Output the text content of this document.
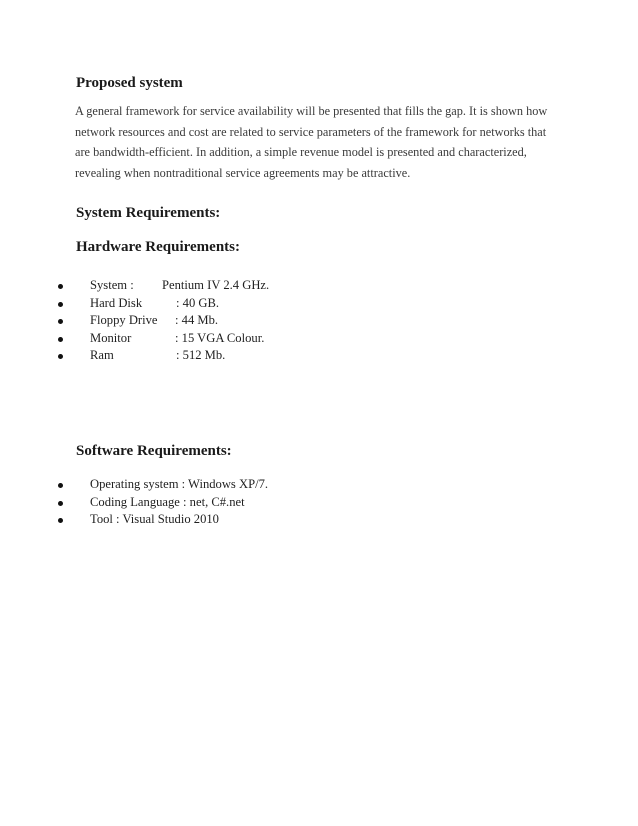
Proposed system

A general framework for service availability will be presented that fills the gap. It is shown how
network resources and cost are related to service parameters of the framework for networks that
are bandwidth-efficient. In addition, a simple revenue model is presented and characterized,
revealing when nontraditional service agreements may be attractive.

System Requirements:
Hardware Requirements:
System : Pentium IV 2.4 GHz.
Hard Disk	: 40 GB.
Floppy Drive : 44 Mb.
Monitor	: 15 VGA Colour.
Ram	: 512 Mb.
Software Requirements:
Operating system : Windows XP/7.
Coding Language : net, C#.net
Tool : Visual Studio 2010
